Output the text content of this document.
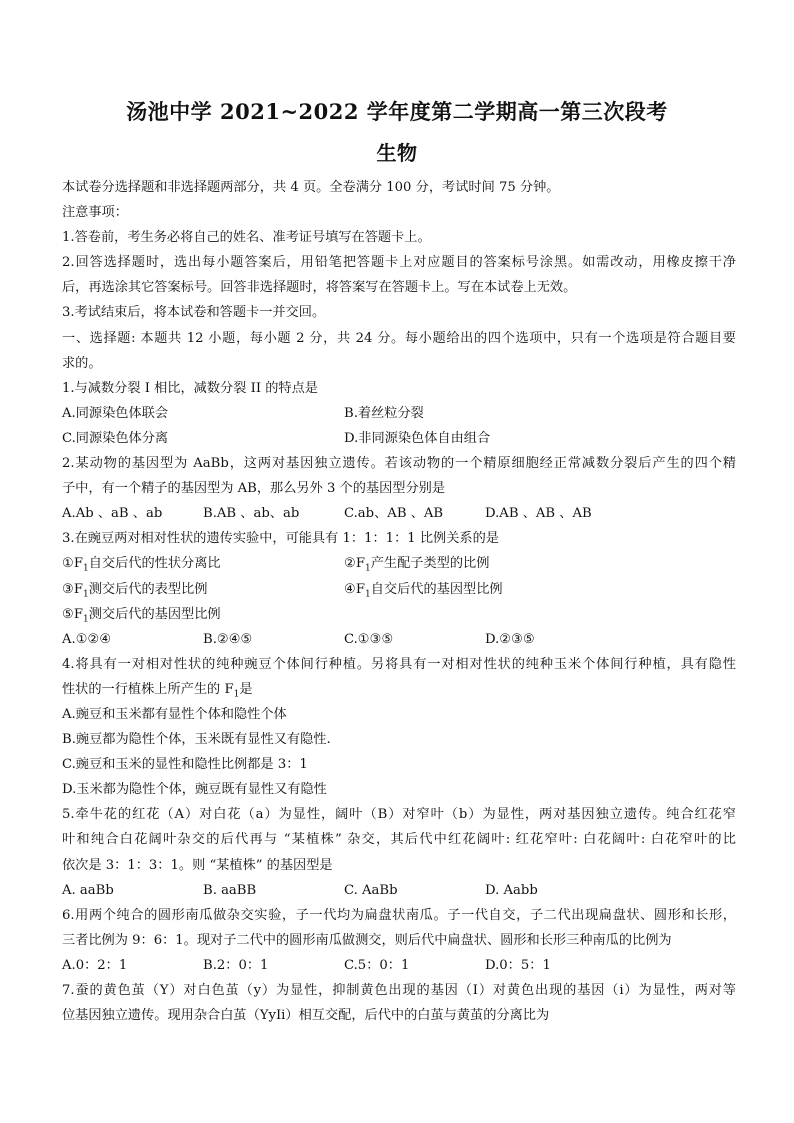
汤池中学 2021~2022 学年度第二学期高一第三次段考
生物
本试卷分选择题和非选择题两部分，共 4 页。全卷满分 100 分，考试时间 75 分钟。
注意事项：
1.答卷前，考生务必将自己的姓名、准考证号填写在答题卡上。
2.回答选择题时，选出每小题答案后，用铅笔把答题卡上对应题目的答案标号涂黑。如需改动，用橡皮擦干净
后，再选涂其它答案标号。回答非选择题时，将答案写在答题卡上。写在本试卷上无效。
3.考试结束后，将本试卷和答题卡一并交回。
一、选择题: 本题共 12 小题，每小题 2 分，共 24 分。每小题给出的四个选项中，只有一个选项是符合题目要
求的。
1.与减数分裂 I 相比，减数分裂 II 的特点是
A.同源染色体联会	B.着丝粒分裂
C.同源染色体分离	D.非同源染色体自由组合
2.某动物的基因型为 AaBb，这两对基因独立遗传。若该动物的一个精原细胞经正常减数分裂后产生的四个精
子中，有一个精子的基因型为 AB，那么另外 3 个的基因型分别是
A.Ab 、aB 、ab	B.AB 、ab、ab	C.ab、AB 、AB	D.AB 、AB 、AB
3.在豌豆两对相对性状的遗传实验中，可能具有 1：1：1：1 比例关系的是
$①F_1$自交后代的性状分离比	$②F_1$产生配子类型的比例
$③F_1$测交后代的表型比例	$④F_1$自交后代的基因型比例
$⑤F_1$测交后代的基因型比例
A.①②④	B.②④⑤	C.①③⑤	D.②③⑤
4.将具有一对相对性状的纯种豌豆个体间行种植。另将具有一对相对性状的纯种玉米个体间行种植，具有隐性
性状的一行植株上所产生的 $F_1$是
A.豌豆和玉米都有显性个体和隐性个体
B.豌豆都为隐性个体，玉米既有显性又有隐性.
C.豌豆和玉米的显性和隐性比例都是 3：1
D.玉米都为隐性个体，豌豆既有显性又有隐性
5.牵牛花的红花（A）对白花（a）为显性，阔叶（B）对窄叶（b）为显性，两对基因独立遗传。纯合红花窄
叶和纯合白花阔叶杂交的后代再与 “某植株” 杂交，其后代中红花阔叶: 红花窄叶: 白花阔叶: 白花窄叶的比
依次是 3：1：3：1。则 “某植株” 的基因型是
A. aaBb	B. aaBB	C. AaBb	D. Aabb
6.用两个纯合的圆形南瓜做杂交实验，子一代均为扁盘状南瓜。子一代自交，子二代出现扁盘状、圆形和长形，
三者比例为 9：6：1。现对子二代中的圆形南瓜做测交，则后代中扁盘状、圆形和长形三种南瓜的比例为
A.0：2：1	B.2：0：1	C.5：0：1	D.0：5：1
7.蚕的黄色茧（Y）对白色茧（y）为显性，抑制黄色出现的基因（I）对黄色出现的基因（i）为显性，两对等
位基因独立遗传。现用杂合白茧（YyIi）相互交配，后代中的白茧与黄茧的分离比为
